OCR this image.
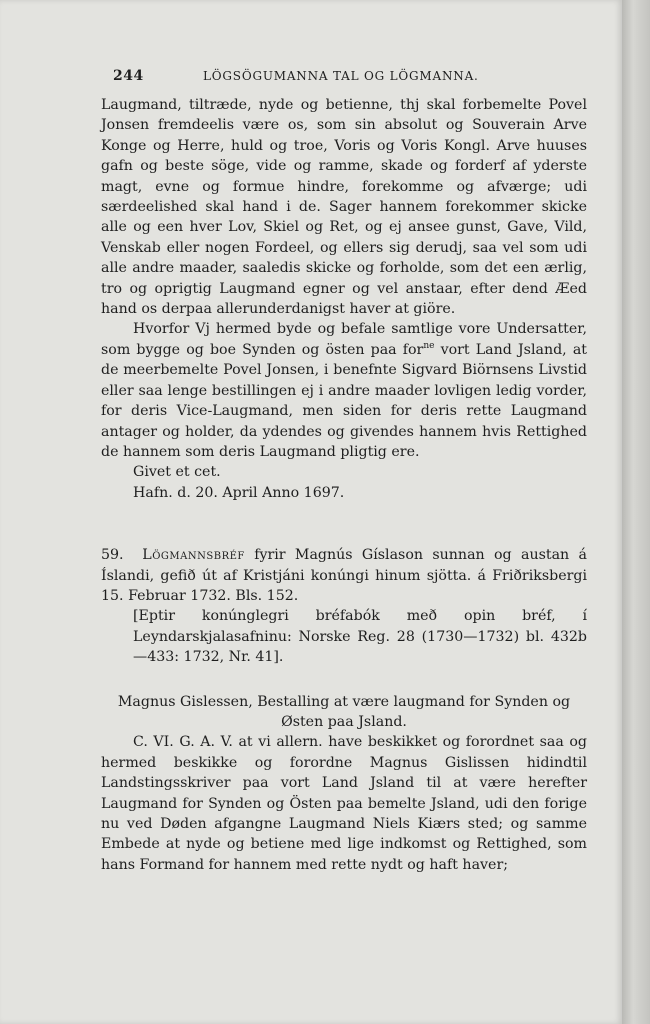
244	LÖGSÖGUMANNA TAL OG LÖGMANNA.

Laugmand, tiltræde, nyde og betienne, thj skal forbemelte Povel Jonsen fremdeelis være os, som sin absolut og Souverain Arve Konge og Herre, huld og troe, Voris og Voris Kongl. Arve huuses gafn og beste söge, vide og ramme, skade og forderf af yderste magt, evne og formue hindre, forekomme og afværge; udi særdeelished skal hand i de. Sager hannem forekommer skicke alle og een hver Lov, Skiel og Ret, og ej ansee gunst, Gave, Vild, Venskab eller nogen Fordeel, og ellers sig derudj, saa vel som udi alle andre maader, saaledis skicke og forholde, som det een ærlig, tro og oprigtig Laugmand egner og vel anstaar, efter dend Æed hand os derpaa allerunderdanigst haver at giöre.

Hvorfor Vj hermed byde og befale samtlige vore Undersatter, som bygge og boe Synden og östen paa for$^{ne}$ vort Land Jsland, at de meerbemelte Povel Jonsen, i benefnte Sigvard Biörnsens Livstid eller saa lenge bestillingen ej i andre maader lovligen ledig vorder, for deris Vice-Laugmand, men siden for deris rette Laugmand antager og holder, da ydendes og givendes hannem hvis Rettighed de hannem som deris Laugmand pligtig ere.

Givet et cet.

Hafn. d. 20. April Anno 1697.

59. Lögmannsbréf fyrir Magnús Gíslason sunnan og austan á Íslandi, gefið út af Kristjáni konúngi hinum sjötta. á Friðriksbergi 15. Februar 1732. Bls. 152.

[Eptir konúnglegri bréfabók með opin bréf, í Leyndarskjalasafninu: Norske Reg. 28 (1730—1732) bl. 432b—433: 1732, Nr. 41].

Magnus Gislessen, Bestalling at være laugmand for Synden og

Østen paa Jsland.

C. VI. G. A. V. at vi allern. have beskikket og forordnet saa og hermed beskikke og forordne Magnus Gislissen hidindtil Landstingsskriver paa vort Land Jsland til at være herefter Laugmand for Synden og Östen paa bemelte Jsland, udi den forige nu ved Døden afgangne Laugmand Niels Kiærs sted; og samme Embede at nyde og betiene med lige indkomst og Rettighed, som hans Formand for hannem med rette nydt og haft haver;
